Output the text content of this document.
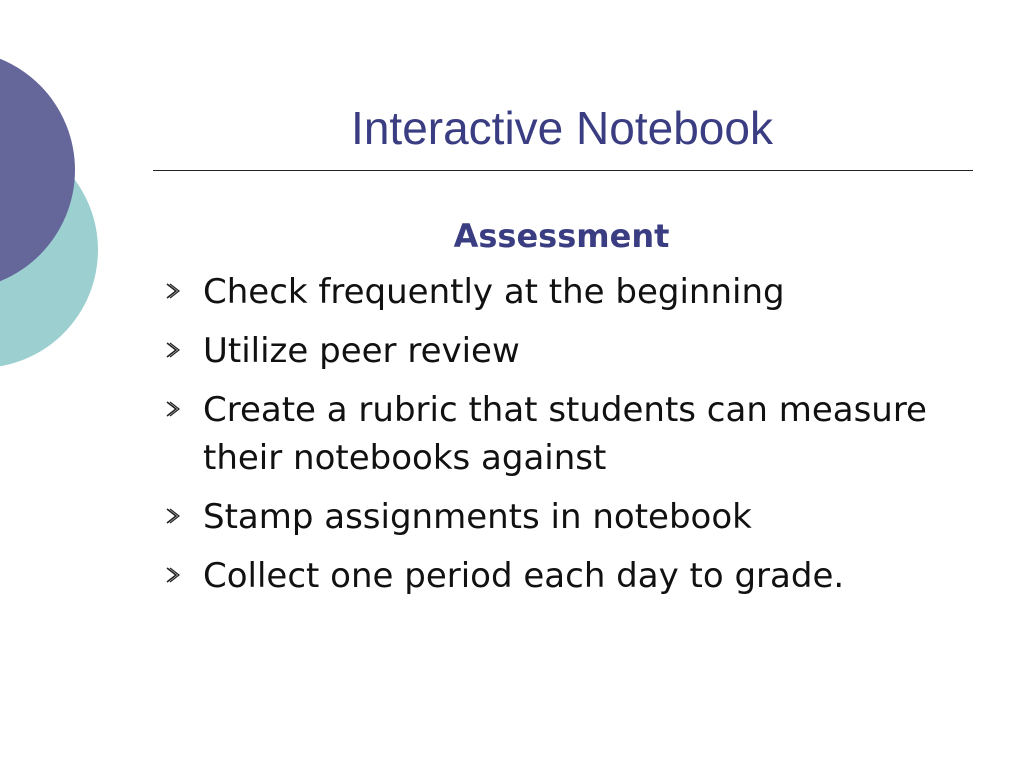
Interactive Notebook
Assessment
Check frequently at the beginning
Utilize peer review
Create a rubric that students can measure their notebooks against
Stamp assignments in notebook
Collect one period each day to grade.
